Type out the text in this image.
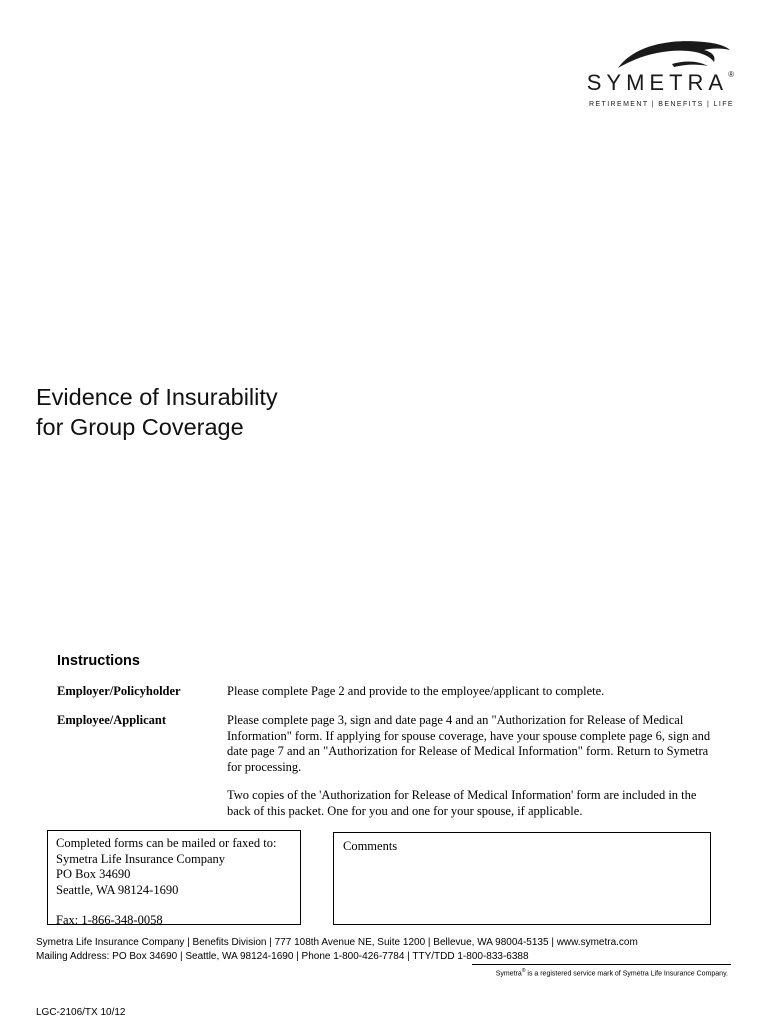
SYMETRA®
RETIREMENT | BENEFITS | LIFE
Evidence of Insurability
for Group Coverage
Instructions
Employer/Policyholder	Please complete Page 2 and provide to the employee/applicant to complete.
Employee/Applicant	Please complete page 3, sign and date page 4 and an "Authorization for Release of Medical Information" form. If applying for spouse coverage, have your spouse complete page 6, sign and date page 7 and an "Authorization for Release of Medical Information" form. Return to Symetra for processing.
Two copies of the 'Authorization for Release of Medical Information' form are included in the back of this packet. One for you and one for your spouse, if applicable.
Completed forms can be mailed or faxed to:
Symetra Life Insurance Company
PO Box 34690
Seattle, WA 98124-1690
Fax: 1-866-348-0058
Comments
Symetra Life Insurance Company | Benefits Division | 777 108th Avenue NE, Suite 1200 | Bellevue, WA 98004-5135 | www.symetra.com
Mailing Address: PO Box 34690 | Seattle, WA 98124-1690 | Phone 1-800-426-7784 | TTY/TDD 1-800-833-6388
Symetra® is a registered service mark of Symetra Life Insurance Company.
LGC-2106/TX 10/12
